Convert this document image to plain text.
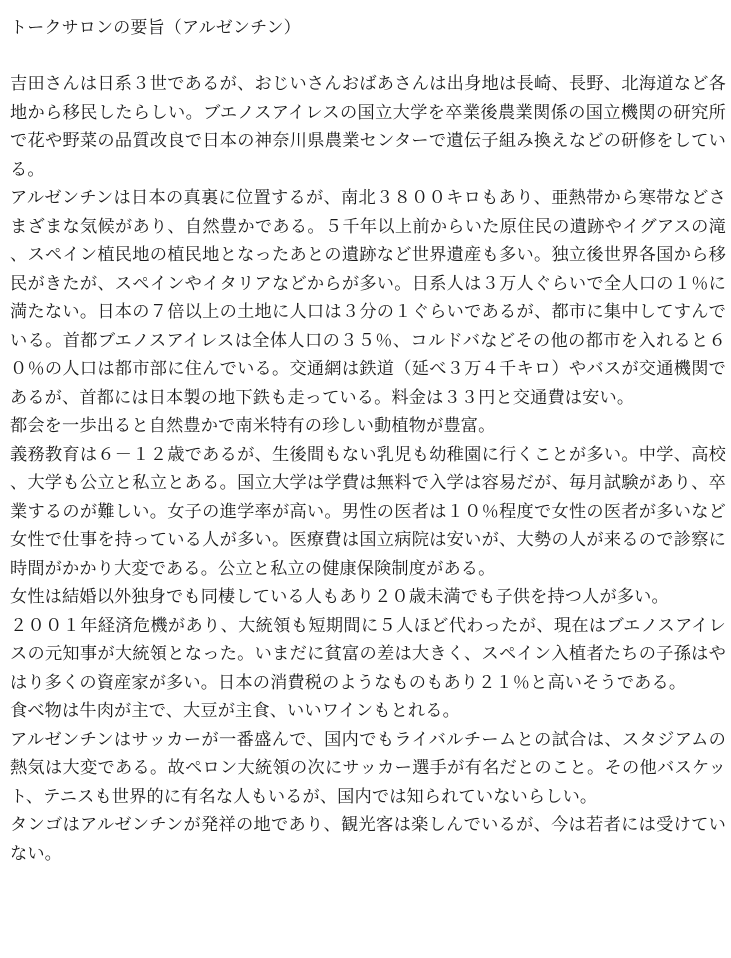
トークサロンの要旨（アルゼンチン）

吉田さんは日系３世であるが、おじいさんおばあさんは出身地は長崎、長野、北海道など各地から移民したらしい。ブエノスアイレスの国立大学を卒業後農業関係の国立機関の研究所で花や野菜の品質改良で日本の神奈川県農業センターで遺伝子組み換えなどの研修をしている。

アルゼンチンは日本の真裏に位置するが、南北３８００キロもあり、亜熱帯から寒帯などさまざまな気候があり、自然豊かである。５千年以上前からいた原住民の遺跡やイグアスの滝、スペイン植民地の植民地となったあとの遺跡など世界遺産も多い。独立後世界各国から移民がきたが、スペインやイタリアなどからが多い。日系人は３万人ぐらいで全人口の１％に満たない。日本の７倍以上の土地に人口は３分の１ぐらいであるが、都市に集中してすんでいる。首都ブエノスアイレスは全体人口の３５％、コルドバなどその他の都市を入れると６０％の人口は都市部に住んでいる。交通網は鉄道（延べ３万４千キロ）やバスが交通機関であるが、首都には日本製の地下鉄も走っている。料金は３３円と交通費は安い。

都会を一歩出ると自然豊かで南米特有の珍しい動植物が豊富。

義務教育は６－１２歳であるが、生後間もない乳児も幼稚園に行くことが多い。中学、高校、大学も公立と私立とある。国立大学は学費は無料で入学は容易だが、毎月試験があり、卒業するのが難しい。女子の進学率が高い。男性の医者は１０％程度で女性の医者が多いなど女性で仕事を持っている人が多い。医療費は国立病院は安いが、大勢の人が来るので診察に時間がかかり大変である。公立と私立の健康保険制度がある。

女性は結婚以外独身でも同棲している人もあり２０歳未満でも子供を持つ人が多い。

２００１年経済危機があり、大統領も短期間に５人ほど代わったが、現在はブエノスアイレスの元知事が大統領となった。いまだに貧富の差は大きく、スペイン入植者たちの子孫はやはり多くの資産家が多い。日本の消費税のようなものもあり２１％と高いそうである。

食べ物は牛肉が主で、大豆が主食、いいワインもとれる。

アルゼンチンはサッカーが一番盛んで、国内でもライバルチームとの試合は、スタジアムの熱気は大変である。故ペロン大統領の次にサッカー選手が有名だとのこと。その他バスケット、テニスも世界的に有名な人もいるが、国内では知られていないらしい。

タンゴはアルゼンチンが発祥の地であり、観光客は楽しんでいるが、今は若者には受けていない。
